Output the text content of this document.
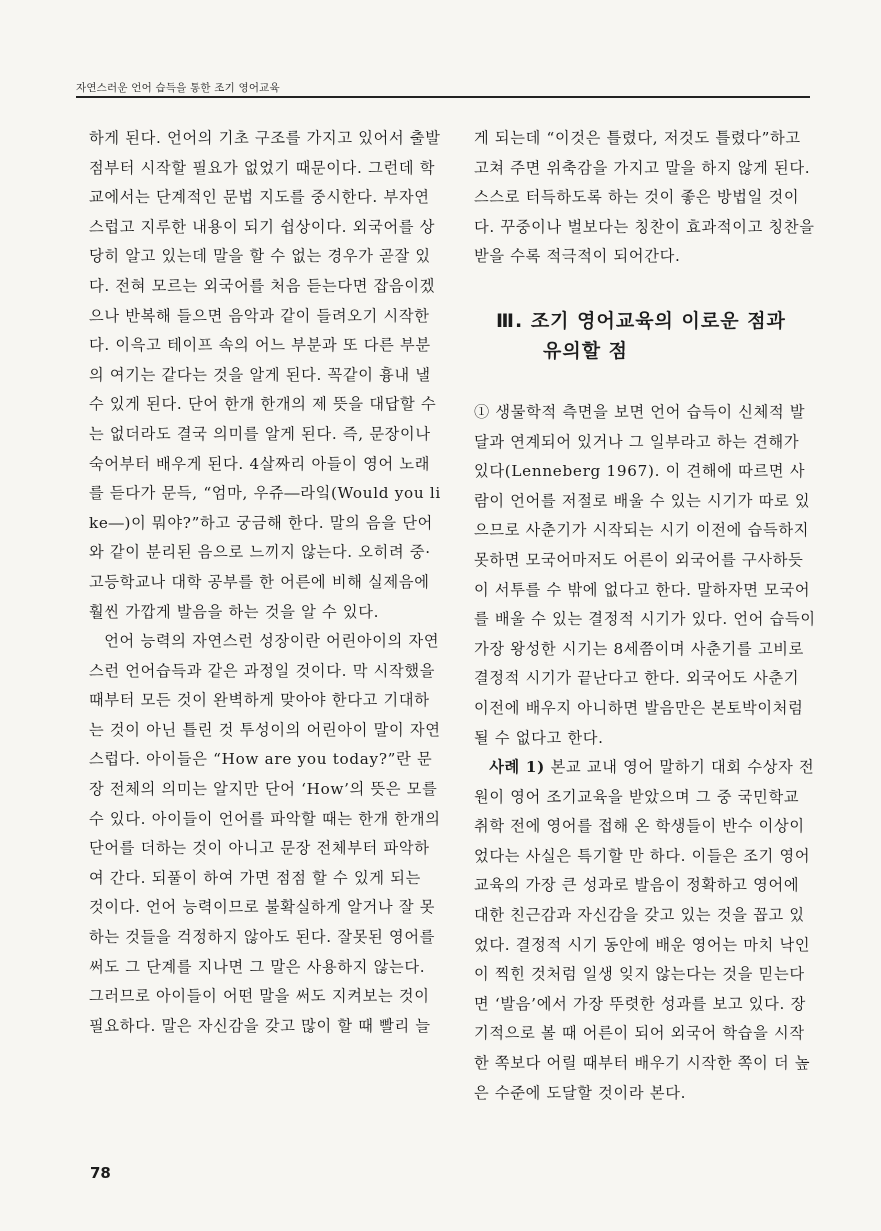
자연스러운 언어 습득을 통한 조기 영어교육

하게 된다. 언어의 기초 구조를 가지고 있어서 출발점부터 시작할 필요가 없었기 때문이다. 그런데 학교에서는 단계적인 문법 지도를 중시한다. 부자연스럽고 지루한 내용이 되기 쉽상이다. 외국어를 상당히 알고 있는데 말을 할 수 없는 경우가 곧잘 있다. 전혀 모르는 외국어를 처음 듣는다면 잡음이겠으나 반복해 들으면 음악과 같이 들려오기 시작한다. 이윽고 테이프 속의 어느 부분과 또 다른 부분의 여기는 같다는 것을 알게 된다. 꼭같이 흉내 낼 수 있게 된다. 단어 한개 한개의 제 뜻을 대답할 수는 없더라도 결국 의미를 알게 된다. 즉, 문장이나 숙어부터 배우게 된다. 4살짜리 아들이 영어 노래를 듣다가 문득, “엄마, 우쥬―라잌(Would you like―)이 뭐야?”하고 궁금해 한다. 말의 음을 단어와 같이 분리된 음으로 느끼지 않는다. 오히려 중·고등학교나 대학 공부를 한 어른에 비해 실제음에 훨씬 가깝게 발음을 하는 것을 알 수 있다.

언어 능력의 자연스런 성장이란 어린아이의 자연스런 언어습득과 같은 과정일 것이다. 막 시작했을 때부터 모든 것이 완벽하게 맞아야 한다고 기대하는 것이 아닌 틀린 것 투성이의 어린아이 말이 자연스럽다. 아이들은 “How are you today?”란 문장 전체의 의미는 알지만 단어 ‘How’의 뜻은 모를 수 있다. 아이들이 언어를 파악할 때는 한개 한개의 단어를 더하는 것이 아니고 문장 전체부터 파악하여 간다. 되풀이 하여 가면 점점 할 수 있게 되는 것이다. 언어 능력이므로 불확실하게 알거나 잘 못하는 것들을 걱정하지 않아도 된다. 잘못된 영어를 써도 그 단계를 지나면 그 말은 사용하지 않는다. 그러므로 아이들이 어떤 말을 써도 지켜보는 것이 필요하다. 말은 자신감을 갖고 많이 할 때 빨리 늘

게 되는데 “이것은 틀렸다, 저것도 틀렸다”하고 고쳐 주면 위축감을 가지고 말을 하지 않게 된다. 스스로 터득하도록 하는 것이 좋은 방법일 것이다. 꾸중이나 벌보다는 칭찬이 효과적이고 칭찬을 받을 수록 적극적이 되어간다.

Ⅲ. 조기 영어교육의 이로운 점과
유의할 점

① 생물학적 측면을 보면 언어 습득이 신체적 발달과 연계되어 있거나 그 일부라고 하는 견해가 있다(Lenneberg 1967). 이 견해에 따르면 사람이 언어를 저절로 배울 수 있는 시기가 따로 있으므로 사춘기가 시작되는 시기 이전에 습득하지 못하면 모국어마저도 어른이 외국어를 구사하듯이 서투를 수 밖에 없다고 한다. 말하자면 모국어를 배울 수 있는 결정적 시기가 있다. 언어 습득이 가장 왕성한 시기는 8세쯤이며 사춘기를 고비로 결정적 시기가 끝난다고 한다. 외국어도 사춘기 이전에 배우지 아니하면 발음만은 본토박이처럼 될 수 없다고 한다.

사례 1) 본교 교내 영어 말하기 대회 수상자 전원이 영어 조기교육을 받았으며 그 중 국민학교 취학 전에 영어를 접해 온 학생들이 반수 이상이었다는 사실은 특기할 만 하다. 이들은 조기 영어교육의 가장 큰 성과로 발음이 정확하고 영어에 대한 친근감과 자신감을 갖고 있는 것을 꼽고 있었다. 결정적 시기 동안에 배운 영어는 마치 낙인이 찍힌 것처럼 일생 잊지 않는다는 것을 믿는다면 ‘발음’에서 가장 뚜렷한 성과를 보고 있다. 장기적으로 볼 때 어른이 되어 외국어 학습을 시작한 쪽보다 어릴 때부터 배우기 시작한 쪽이 더 높은 수준에 도달할 것이라 본다.

78
